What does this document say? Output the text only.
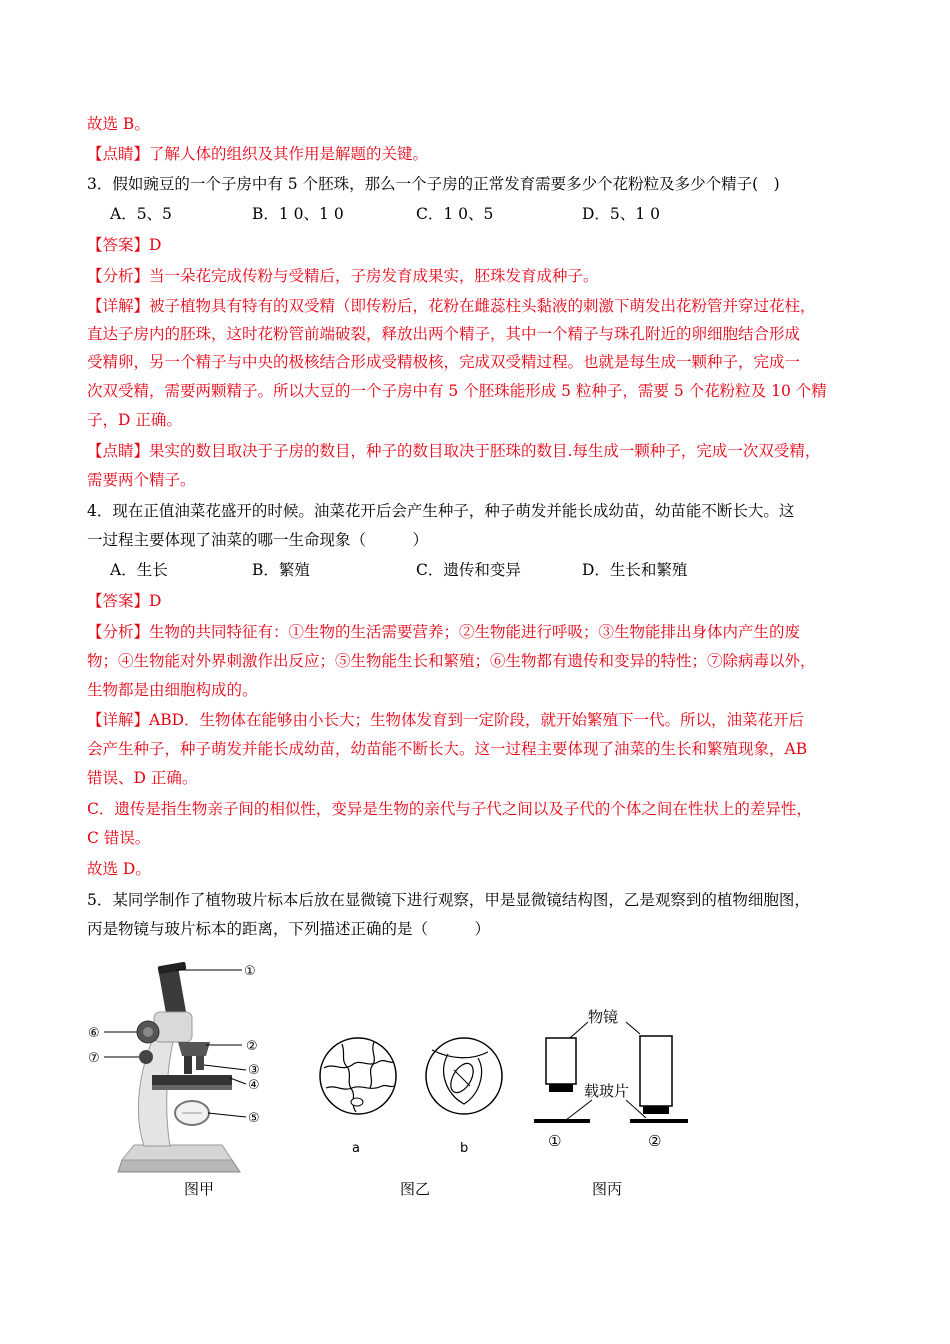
故选 B。
【点睛】了解人体的组织及其作用是解题的关键。
3．假如豌豆的一个子房中有 5 个胚珠，那么一个子房的正常发育需要多少个花粉粒及多少个精子(　)
A．5、5	B．1 0、1 0	C．1 0、5	D．5、1 0
【答案】D
【分析】当一朵花完成传粉与受精后，子房发育成果实，胚珠发育成种子。
【详解】被子植物具有特有的双受精（即传粉后，花粉在雌蕊柱头黏液的刺激下萌发出花粉管并穿过花柱，
直达子房内的胚珠，这时花粉管前端破裂，释放出两个精子，其中一个精子与珠孔附近的卵细胞结合形成
受精卵，另一个精子与中央的极核结合形成受精极核，完成双受精过程。也就是每生成一颗种子，完成一
次双受精，需要两颗精子。所以大豆的一个子房中有 5 个胚珠能形成 5 粒种子，需要 5 个花粉粒及 10 个精
子，D 正确。
【点睛】果实的数目取决于子房的数目，种子的数目取决于胚珠的数目.每生成一颗种子，完成一次双受精，
需要两个精子。
4．现在正值油菜花盛开的时候。油菜花开后会产生种子，种子萌发并能长成幼苗，幼苗能不断长大。这
一过程主要体现了油菜的哪一生命现象（　　　）
A．生长	B．繁殖	C．遗传和变异	D．生长和繁殖
【答案】D
【分析】生物的共同特征有：①生物的生活需要营养；②生物能进行呼吸；③生物能排出身体内产生的废
物；④生物能对外界刺激作出反应；⑤生物能生长和繁殖；⑥生物都有遗传和变异的特性；⑦除病毒以外，
生物都是由细胞构成的。
【详解】ABD．生物体在能够由小长大；生物体发育到一定阶段，就开始繁殖下一代。所以，油菜花开后
会产生种子，种子萌发并能长成幼苗，幼苗能不断长大。这一过程主要体现了油菜的生长和繁殖现象，AB
错误、D 正确。
C．遗传是指生物亲子间的相似性，变异是生物的亲代与子代之间以及子代的个体之间在性状上的差异性，
C 错误。
故选 D。
5．某同学制作了植物玻片标本后放在显微镜下进行观察，甲是显微镜结构图，乙是观察到的植物细胞图，
丙是物镜与玻片标本的距离，下列描述正确的是（　　　）
①
②
③
④
⑤
⑥
⑦
图甲
a	b
图乙
物镜
载玻片
①	②
图丙
